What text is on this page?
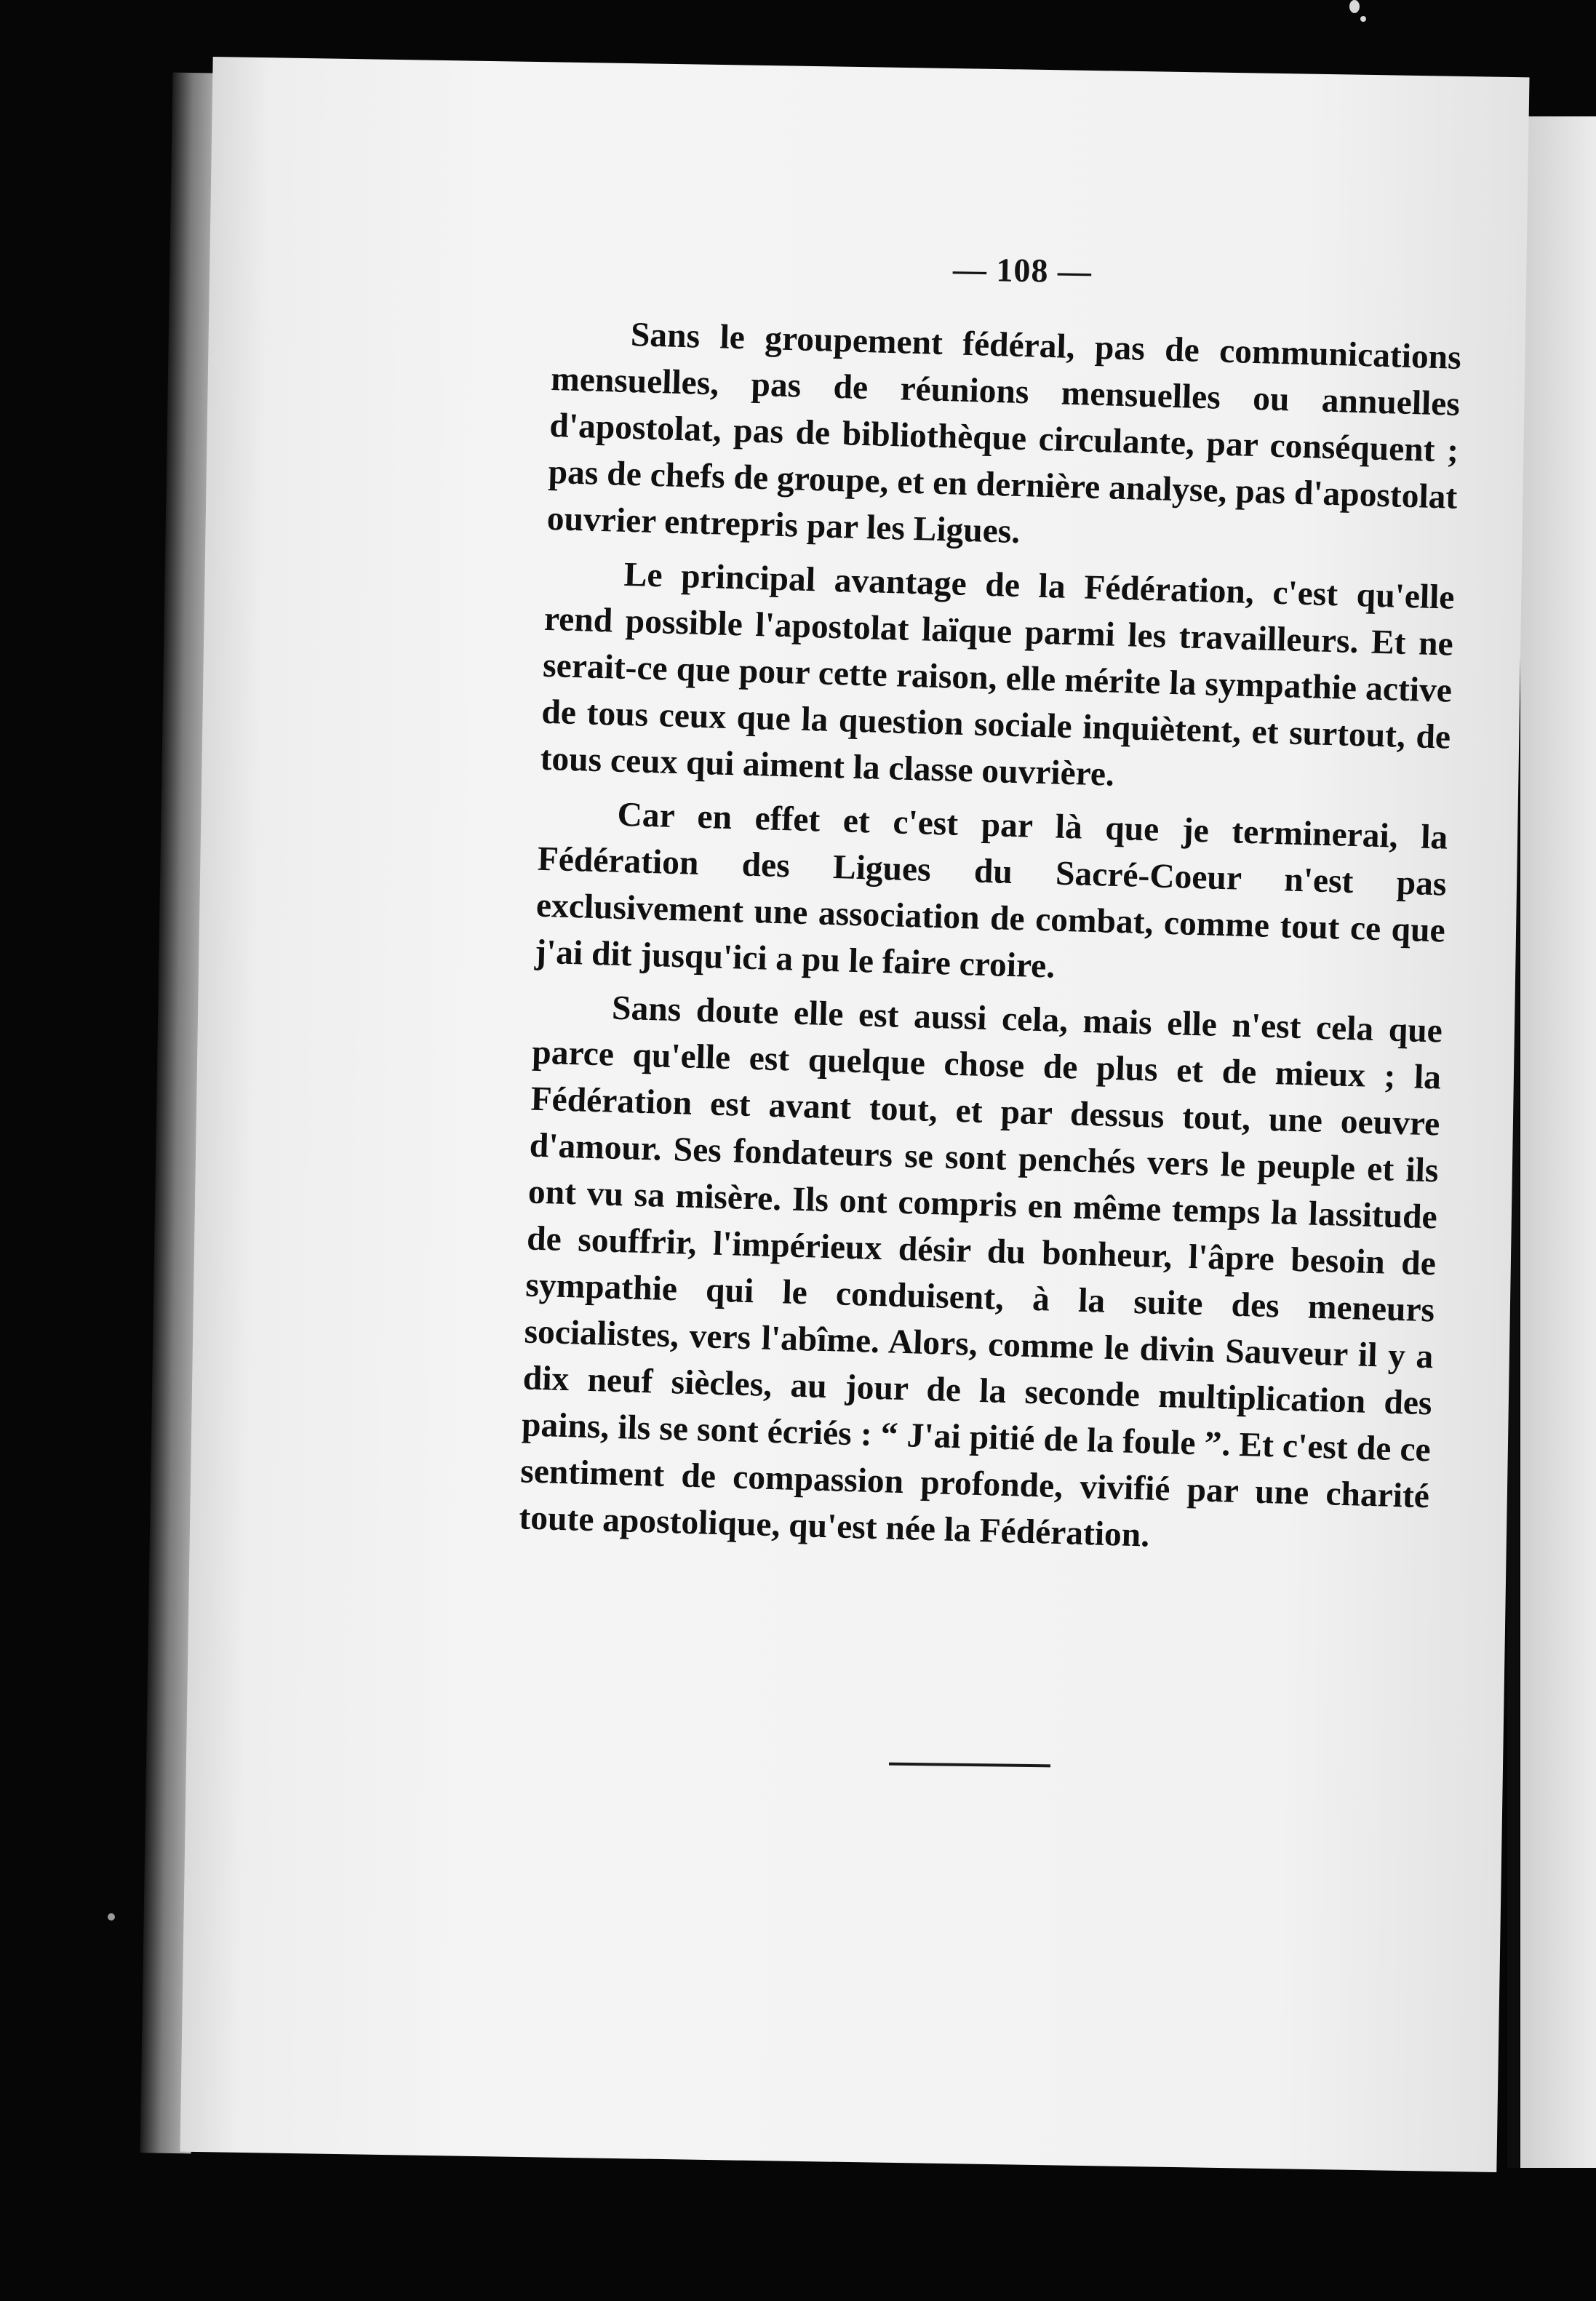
— 108 —

Sans le groupement fédéral, pas de communications mensuelles, pas de réunions mensuelles ou annuelles d'apostolat, pas de bibliothèque circulante, par conséquent ; pas de chefs de groupe, et en dernière analyse, pas d'apostolat ouvrier entrepris par les Ligues.

Le principal avantage de la Fédération, c'est qu'elle rend possible l'apostolat laïque parmi les travailleurs. Et ne serait-ce que pour cette raison, elle mérite la sympathie active de tous ceux que la question sociale inquiètent, et surtout, de tous ceux qui aiment la classe ouvrière.

Car en effet et c'est par là que je terminerai, la Fédération des Ligues du Sacré-Coeur n'est pas exclusivement une association de combat, comme tout ce que j'ai dit jusqu'ici a pu le faire croire.

Sans doute elle est aussi cela, mais elle n'est cela que parce qu'elle est quelque chose de plus et de mieux ; la Fédération est avant tout, et par dessus tout, une oeuvre d'amour. Ses fondateurs se sont penchés vers le peuple et ils ont vu sa misère. Ils ont compris en même temps la lassitude de souffrir, l'impérieux désir du bonheur, l'âpre besoin de sympathie qui le conduisent, à la suite des meneurs socialistes, vers l'abîme. Alors, comme le divin Sauveur il y a dix neuf siècles, au jour de la seconde multiplication des pains, ils se sont écriés : “ J'ai pitié de la foule ”. Et c'est de ce sentiment de compassion profonde, vivifié par une charité toute apostolique, qu'est née la Fédération.
